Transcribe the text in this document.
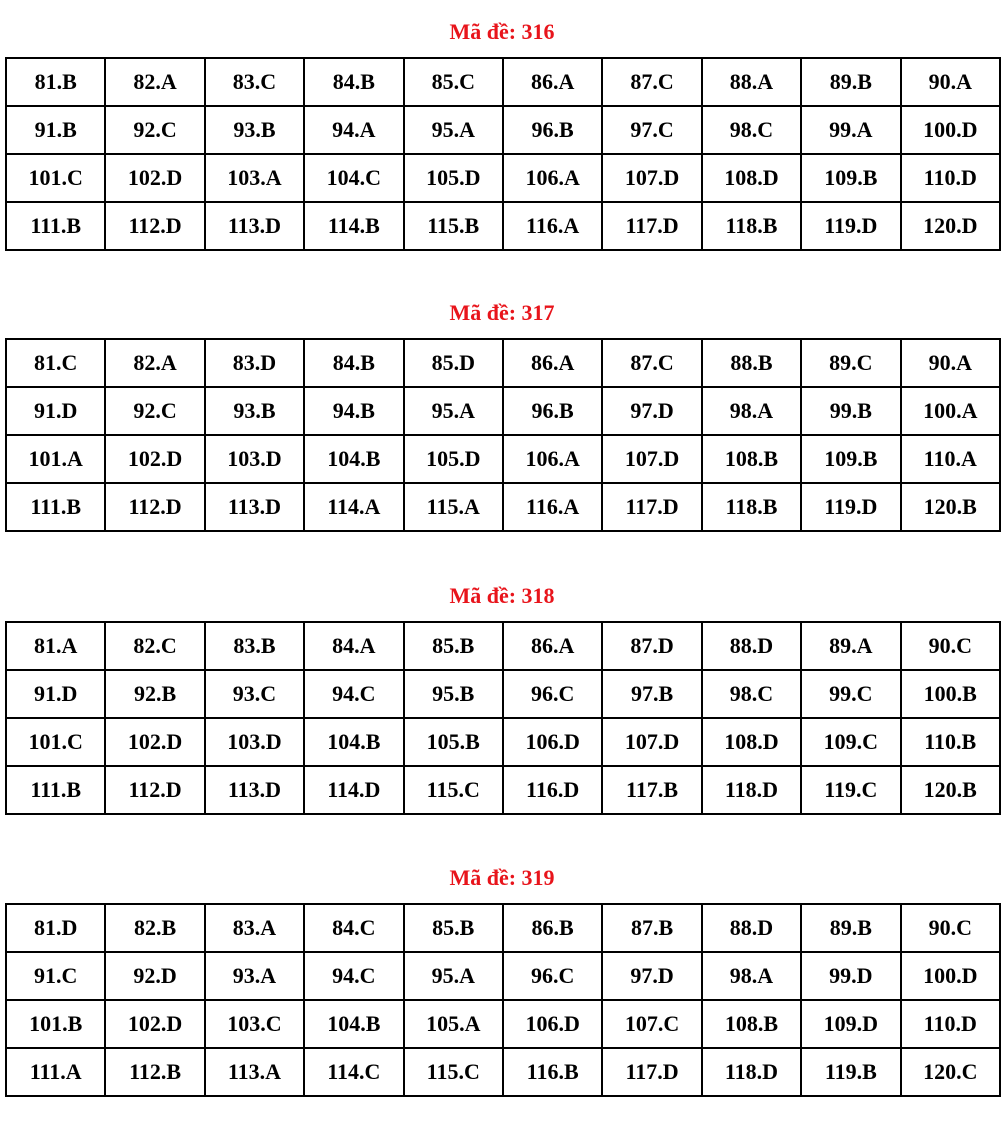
Mã đề: 316
81.B	82.A	83.C	84.B	85.C	86.A	87.C	88.A	89.B	90.A
91.B	92.C	93.B	94.A	95.A	96.B	97.C	98.C	99.A	100.D
101.C	102.D	103.A	104.C	105.D	106.A	107.D	108.D	109.B	110.D
111.B	112.D	113.D	114.B	115.B	116.A	117.D	118.B	119.D	120.D
Mã đề: 317
81.C	82.A	83.D	84.B	85.D	86.A	87.C	88.B	89.C	90.A
91.D	92.C	93.B	94.B	95.A	96.B	97.D	98.A	99.B	100.A
101.A	102.D	103.D	104.B	105.D	106.A	107.D	108.B	109.B	110.A
111.B	112.D	113.D	114.A	115.A	116.A	117.D	118.B	119.D	120.B
Mã đề: 318
81.A	82.C	83.B	84.A	85.B	86.A	87.D	88.D	89.A	90.C
91.D	92.B	93.C	94.C	95.B	96.C	97.B	98.C	99.C	100.B
101.C	102.D	103.D	104.B	105.B	106.D	107.D	108.D	109.C	110.B
111.B	112.D	113.D	114.D	115.C	116.D	117.B	118.D	119.C	120.B
Mã đề: 319
81.D	82.B	83.A	84.C	85.B	86.B	87.B	88.D	89.B	90.C
91.C	92.D	93.A	94.C	95.A	96.C	97.D	98.A	99.D	100.D
101.B	102.D	103.C	104.B	105.A	106.D	107.C	108.B	109.D	110.D
111.A	112.B	113.A	114.C	115.C	116.B	117.D	118.D	119.B	120.C
